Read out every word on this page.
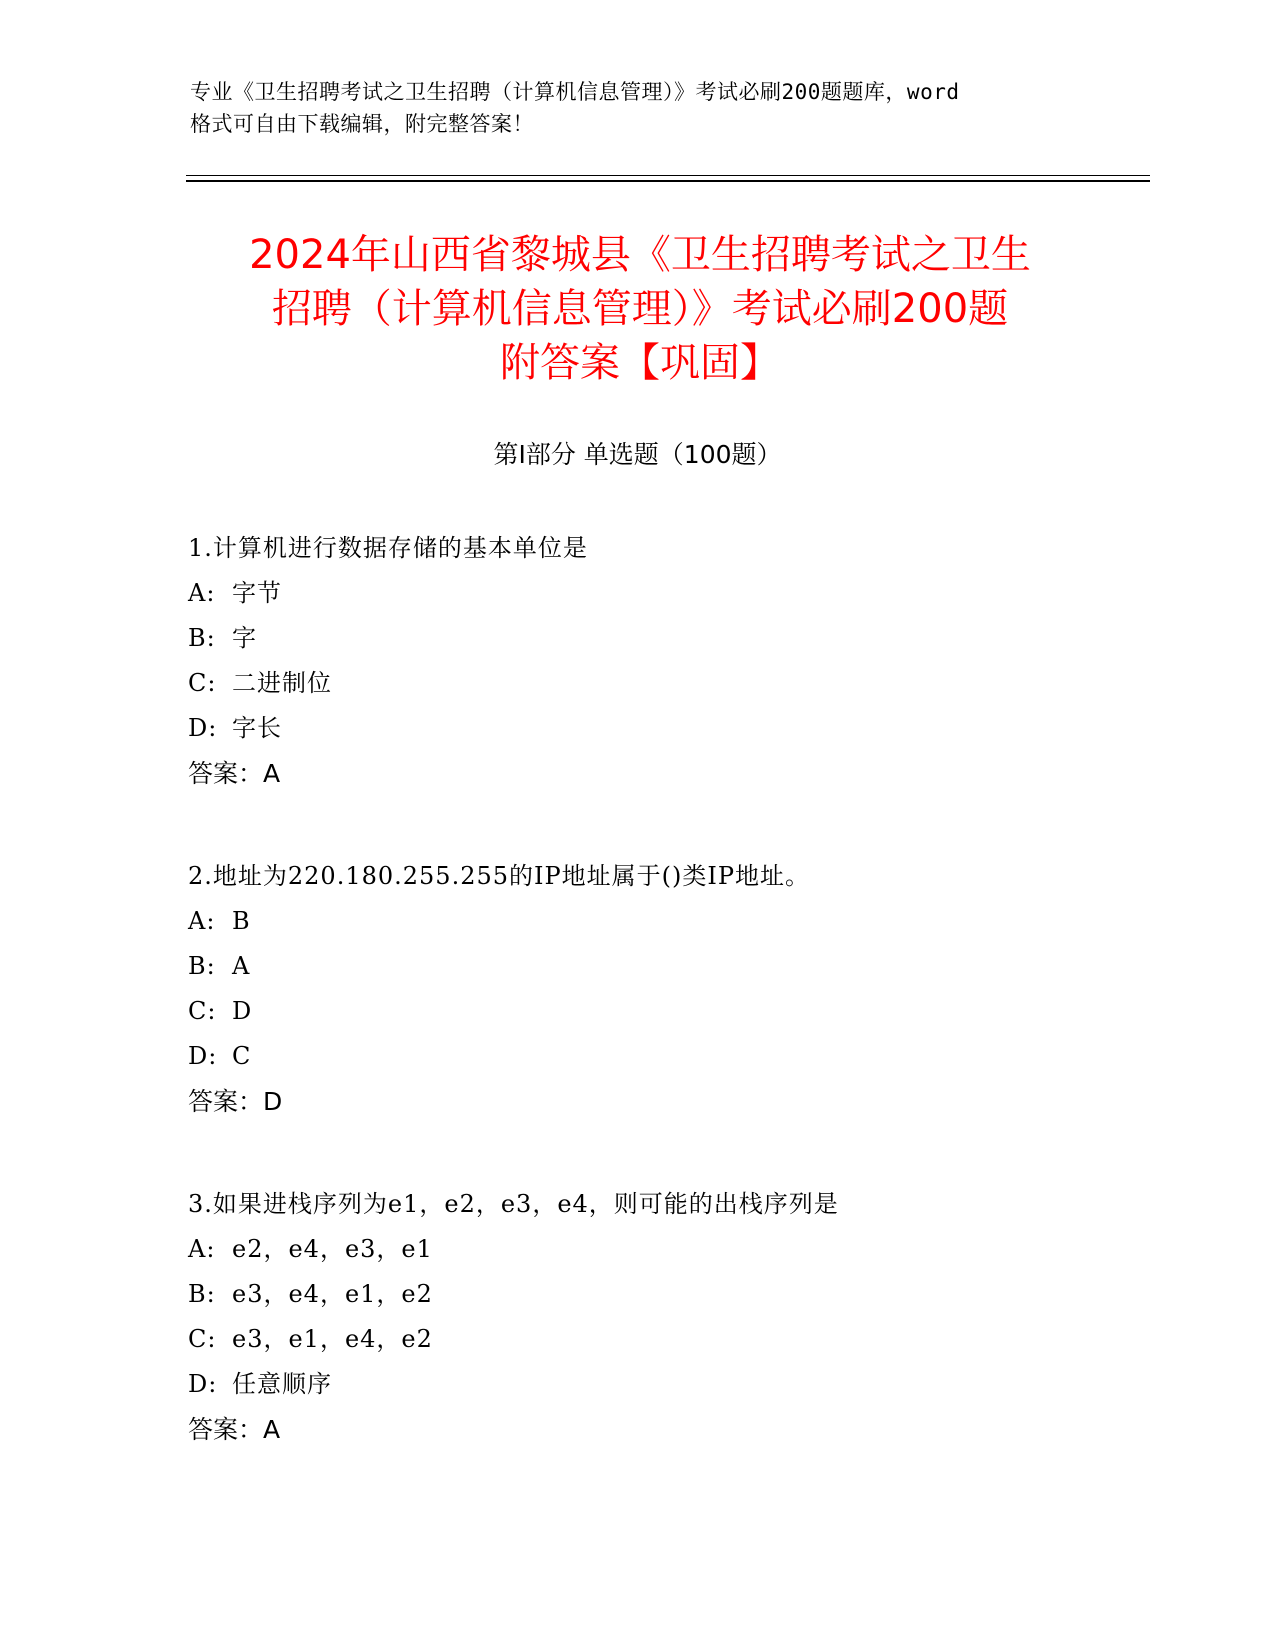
专业《卫生招聘考试之卫生招聘（计算机信息管理）》考试必刷200题题库，word
格式可自由下载编辑，附完整答案！
2024年山西省黎城县《卫生招聘考试之卫生
招聘（计算机信息管理）》考试必刷200题
附答案【巩固】
第I部分 单选题（100题）
1.计算机进行数据存储的基本单位是
A: 字节
B: 字
C: 二进制位
D: 字长
答案：A
2.地址为220.180.255.255的IP地址属于()类IP地址。
A: B
B: A
C: D
D: C
答案：D
3.如果进栈序列为e1，e2，e3，e4，则可能的出栈序列是
A: e2，e4，e3，e1
B: e3，e4，e1，e2
C: e3，e1，e4，e2
D: 任意顺序
答案：A
